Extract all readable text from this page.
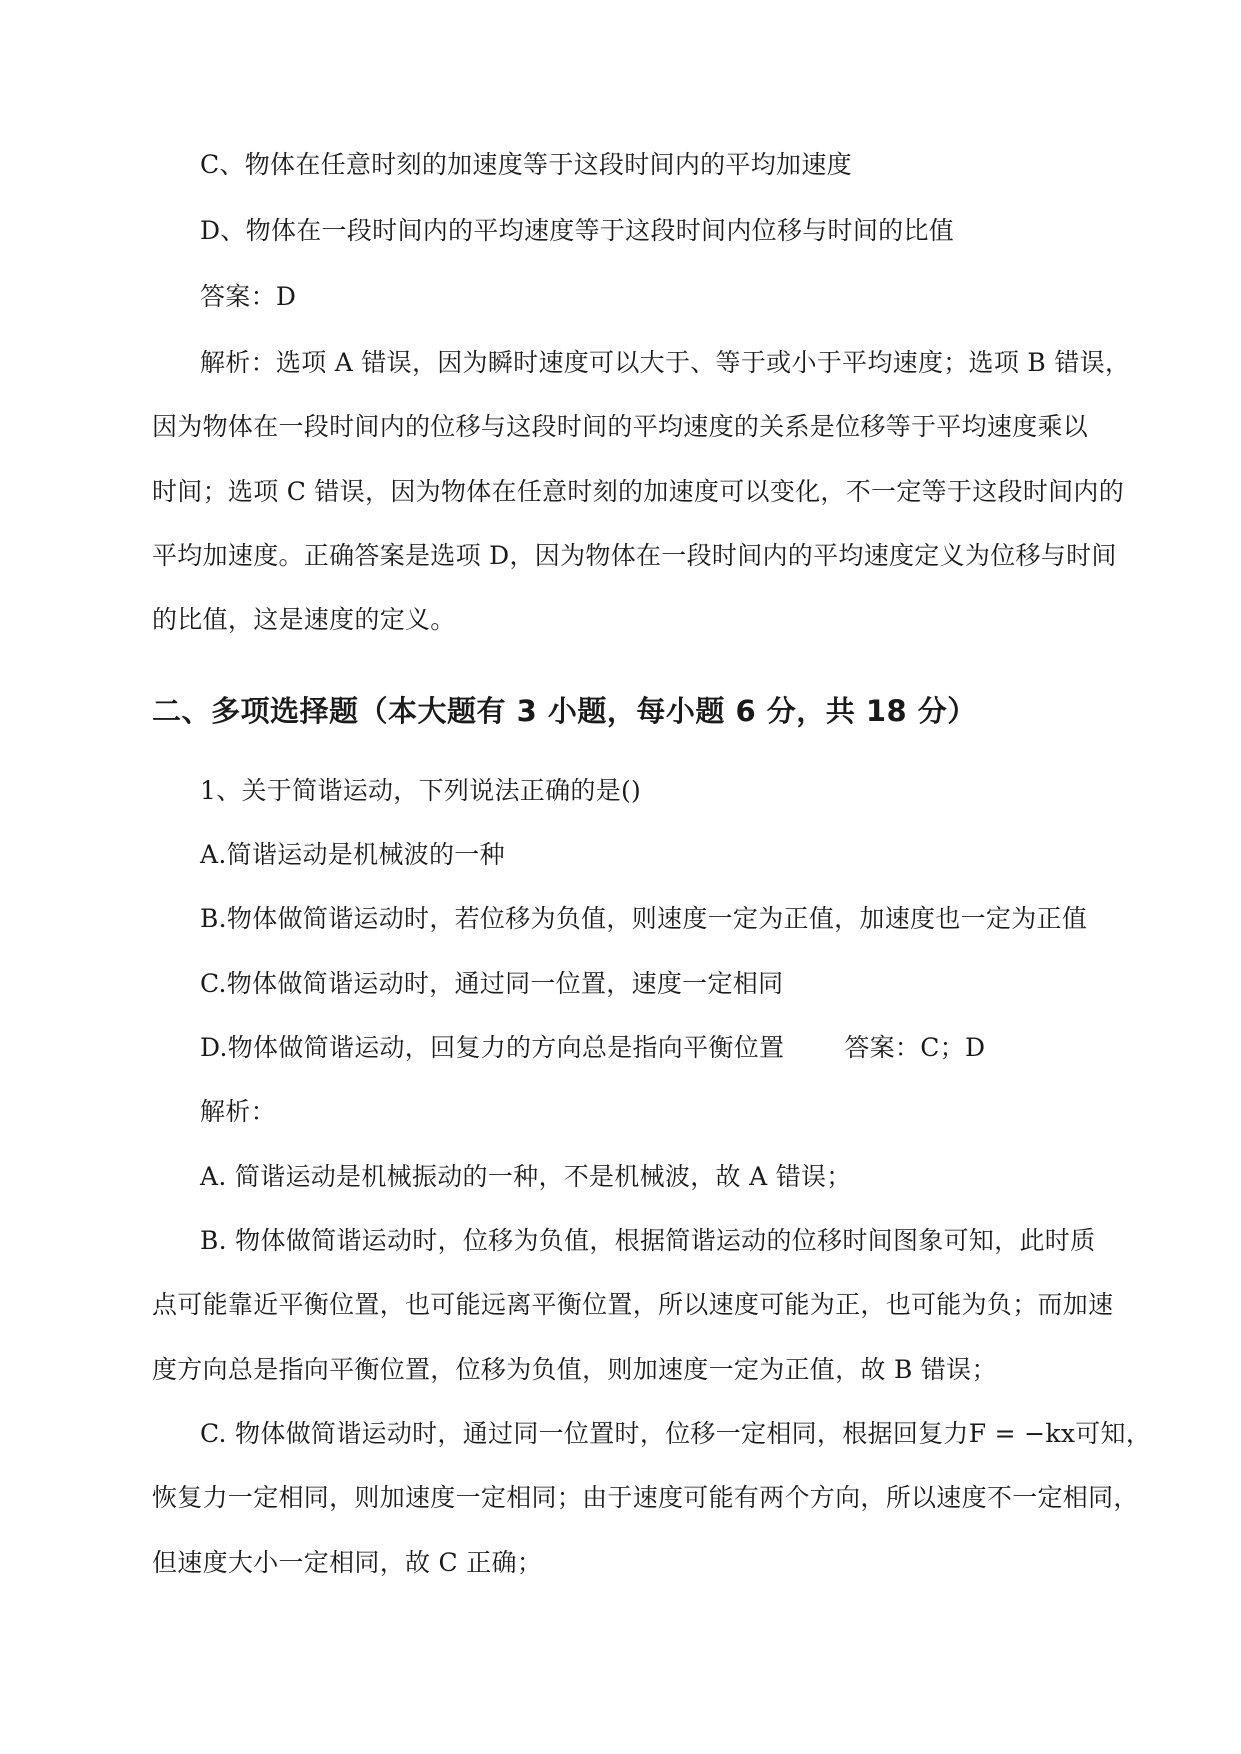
C、物体在任意时刻的加速度等于这段时间内的平均加速度
D、物体在一段时间内的平均速度等于这段时间内位移与时间的比值
答案：D
解析：选项 A 错误，因为瞬时速度可以大于、等于或小于平均速度；选项 B 错误，
因为物体在一段时间内的位移与这段时间的平均速度的关系是位移等于平均速度乘以
时间；选项 C 错误，因为物体在任意时刻的加速度可以变化，不一定等于这段时间内的
平均加速度。正确答案是选项 D，因为物体在一段时间内的平均速度定义为位移与时间
的比值，这是速度的定义。
二、多项选择题（本大题有 3 小题，每小题 6 分，共 18 分）
1、关于简谐运动，下列说法正确的是()
A.简谐运动是机械波的一种
B.物体做简谐运动时，若位移为负值，则速度一定为正值，加速度也一定为正值
C.物体做简谐运动时，通过同一位置，速度一定相同
D.物体做简谐运动，回复力的方向总是指向平衡位置 答案：C；D
解析：
A. 简谐运动是机械振动的一种，不是机械波，故 A 错误；
B. 物体做简谐运动时，位移为负值，根据简谐运动的位移时间图象可知，此时质
点可能靠近平衡位置，也可能远离平衡位置，所以速度可能为正，也可能为负；而加速
度方向总是指向平衡位置，位移为负值，则加速度一定为正值，故 B 错误；
C. 物体做简谐运动时，通过同一位置时，位移一定相同，根据回复力F = −kx可知，
恢复力一定相同，则加速度一定相同；由于速度可能有两个方向，所以速度不一定相同，
但速度大小一定相同，故 C 正确；
